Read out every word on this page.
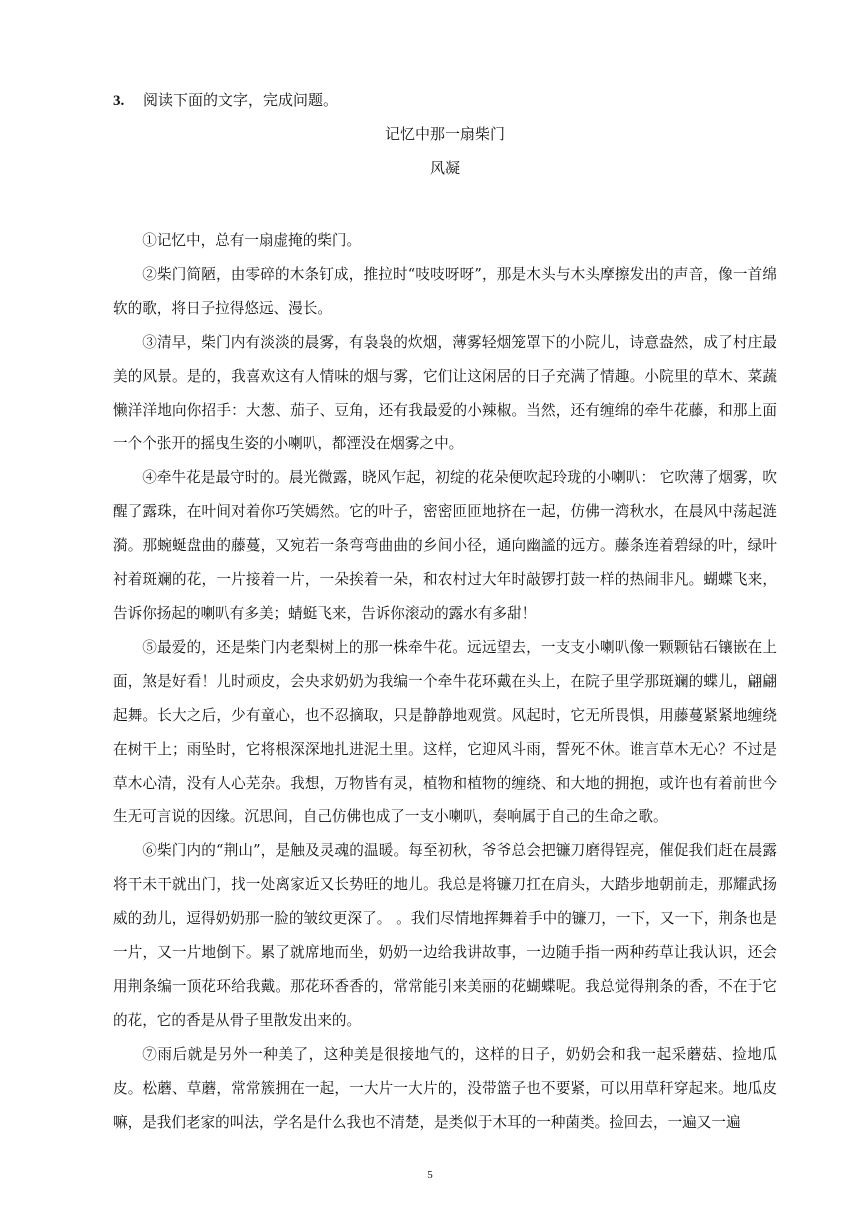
3. 阅读下面的文字，完成问题。
记忆中那一扇柴门
风凝

①记忆中，总有一扇虚掩的柴门。

②柴门简陋，由零碎的木条钉成，推拉时“吱吱呀呀”，那是木头与木头摩擦发出的声音，像一首绵软的歌，将日子拉得悠远、漫长。

③清早，柴门内有淡淡的晨雾，有袅袅的炊烟，薄雾轻烟笼罩下的小院儿，诗意盎然，成了村庄最美的风景。是的，我喜欢这有人情味的烟与雾，它们让这闲居的日子充满了情趣。小院里的草木、菜蔬懒洋洋地向你招手：大葱、茄子、豆角，还有我最爱的小辣椒。当然，还有缠绵的牵牛花藤，和那上面一个个张开的摇曳生姿的小喇叭，都湮没在烟雾之中。

④牵牛花是最守时的。晨光微露，晓风乍起，初绽的花朵便吹起玲珑的小喇叭： 它吹薄了烟雾，吹醒了露珠，在叶间对着你巧笑嫣然。它的叶子，密密匝匝地挤在一起，仿佛一湾秋水，在晨风中荡起涟漪。那蜿蜒盘曲的藤蔓，又宛若一条弯弯曲曲的乡间小径，通向幽謐的远方。藤条连着碧绿的叶，绿叶衬着斑斓的花，一片接着一片，一朵挨着一朵，和农村过大年时敲锣打鼓一样的热闹非凡。蝴蝶飞来，告诉你扬起的喇叭有多美；蜻蜓飞来，告诉你滚动的露水有多甜！

⑤最爱的，还是柴门内老梨树上的那一株牵牛花。远远望去，一支支小喇叭像一颗颗钻石镶嵌在上面，煞是好看！儿时顽皮，会央求奶奶为我编一个牵牛花环戴在头上，在院子里学那斑斓的蝶儿，翩翩起舞。长大之后，少有童心，也不忍摘取，只是静静地观赏。风起时，它无所畏惧，用藤蔓紧紧地缠绕在树干上；雨坠时，它将根深深地扎进泥土里。这样，它迎风斗雨，誓死不休。谁言草木无心？不过是草木心清，没有人心芜杂。我想，万物皆有灵，植物和植物的缠绕、和大地的拥抱，或许也有着前世今生无可言说的因缘。沉思间，自己仿佛也成了一支小喇叭，奏响属于自己的生命之歌。

⑥柴门内的“荆山”，是触及灵魂的温暖。每至初秋，爷爷总会把镰刀磨得锃亮，催促我们赶在晨露将干未干就出门，找一处离家近又长势旺的地儿。我总是将镰刀扛在肩头，大踏步地朝前走，那耀武扬威的劲儿，逗得奶奶那一脸的皱纹更深了。 。我们尽情地挥舞着手中的镰刀，一下，又一下，荆条也是一片，又一片地倒下。累了就席地而坐，奶奶一边给我讲故事，一边随手指一两种药草让我认识，还会用荆条编一顶花环给我戴。那花环香香的，常常能引来美丽的花蝴蝶呢。我总觉得荆条的香，不在于它的花，它的香是从骨子里散发出来的。

⑦雨后就是另外一种美了，这种美是很接地气的，这样的日子，奶奶会和我一起采蘑菇、捡地瓜皮。松蘑、草蘑，常常簇拥在一起，一大片一大片的，没带篮子也不要紧，可以用草秆穿起来。地瓜皮嘛，是我们老家的叫法，学名是什么我也不清楚，是类似于木耳的一种菌类。捡回去，一遍又一遍

5
